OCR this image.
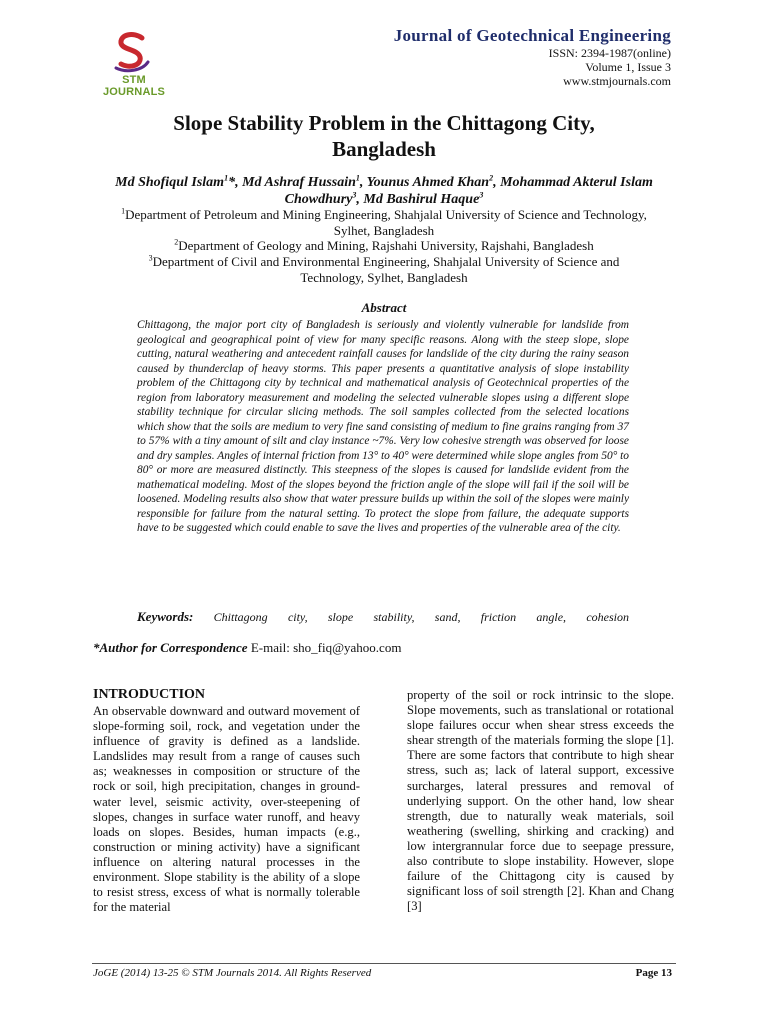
STM JOURNALS
Journal of Geotechnical Engineering
ISSN: 2394-1987(online)
Volume 1, Issue 3
www.stmjournals.com
Slope Stability Problem in the Chittagong City,
Bangladesh
Md Shofiqul Islam$^1$*, Md Ashraf Hussain$^1$, Younus Ahmed Khan$^2$, Mohammad Akterul Islam Chowdhury$^3$, Md Bashirul Haque$^3$
$^1$Department of Petroleum and Mining Engineering, Shahjalal University of Science and Technology,
Sylhet, Bangladesh
$^2$Department of Geology and Mining, Rajshahi University, Rajshahi, Bangladesh
$^3$Department of Civil and Environmental Engineering, Shahjalal University of Science and
Technology, Sylhet, Bangladesh
Abstract
Chittagong, the major port city of Bangladesh is seriously and violently vulnerable for landslide from geological and geographical point of view for many specific reasons. Along with the steep slope, slope cutting, natural weathering and antecedent rainfall causes for landslide of the city during the rainy season caused by thunderclap of heavy storms. This paper presents a quantitative analysis of slope instability problem of the Chittagong city by technical and mathematical analysis of Geotechnical properties of the region from laboratory measurement and modeling the selected vulnerable slopes using a different slope stability technique for circular slicing methods. The soil samples collected from the selected locations which show that the soils are medium to very fine sand consisting of medium to fine grains ranging from 37 to 57% with a tiny amount of silt and clay instance ~7%. Very low cohesive strength was observed for loose and dry samples. Angles of internal friction from 13° to 40° were determined while slope angles from 50° to 80° or more are measured distinctly. This steepness of the slopes is caused for landslide evident from the mathematical modeling. Most of the slopes beyond the friction angle of the slope will fail if the soil will be loosened. Modeling results also show that water pressure builds up within the soil of the slopes were mainly responsible for failure from the natural setting. To protect the slope from failure, the adequate supports have to be suggested which could enable to save the lives and properties of the vulnerable area of the city.
Keywords: Chittagong city, slope stability, sand, friction angle, cohesion
*Author for Correspondence E-mail: sho_fiq@yahoo.com
INTRODUCTION
An observable downward and outward movement of slope-forming soil, rock, and vegetation under the influence of gravity is defined as a landslide. Landslides may result from a range of causes such as; weaknesses in composition or structure of the rock or soil, high precipitation, changes in ground-water level, seismic activity, over-steepening of slopes, changes in surface water runoff, and heavy loads on slopes. Besides, human impacts (e.g., construction or mining activity) have a significant influence on altering natural processes in the environment. Slope stability is the ability of a slope to resist stress, excess of what is normally tolerable for the material
property of the soil or rock intrinsic to the slope. Slope movements, such as translational or rotational slope failures occur when shear stress exceeds the shear strength of the materials forming the slope [1]. There are some factors that contribute to high shear stress, such as; lack of lateral support, excessive surcharges, lateral pressures and removal of underlying support. On the other hand, low shear strength, due to naturally weak materials, soil weathering (swelling, shirking and cracking) and low intergrannular force due to seepage pressure, also contribute to slope instability. However, slope failure of the Chittagong city is caused by significant loss of soil strength [2]. Khan and Chang [3]
JoGE (2014) 13-25 © STM Journals 2014. All Rights Reserved	Page 13
